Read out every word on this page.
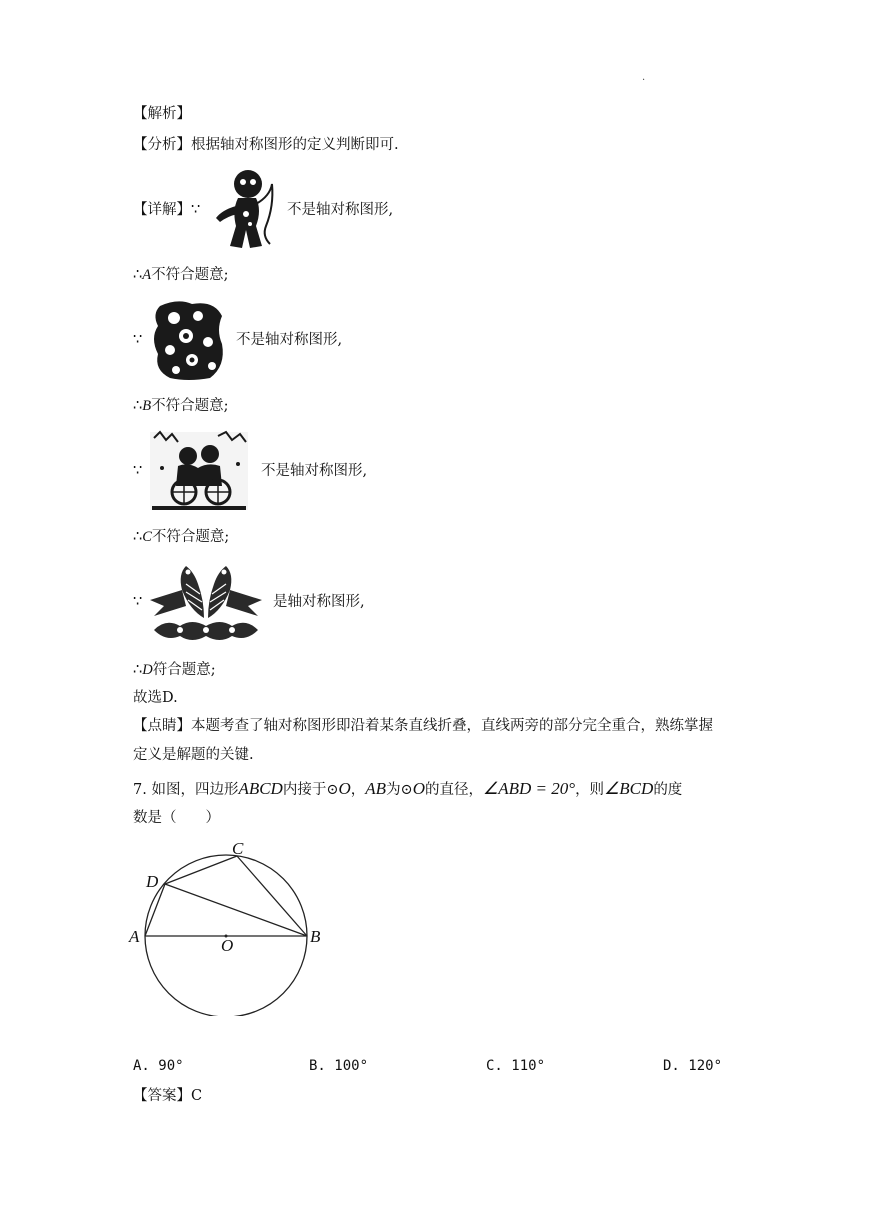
.
【解析】
【分析】根据轴对称图形的定义判断即可.
【详解】∵	不是轴对称图形,
∴A不符合题意;
∵	不是轴对称图形,
∴B不符合题意;
∵	不是轴对称图形,
∴C不符合题意;
∵	是轴对称图形,
∴D符合题意;
故选D.
【点睛】本题考查了轴对称图形即沿着某条直线折叠，直线两旁的部分完全重合，熟练掌握
定义是解题的关键.
7. 如图，四边形ABCD内接于⊙O，AB为⊙O的直径，∠ABD = 20°，则∠BCD的度
数是（　　）
A	B
C
D
O
A. 90°	B. 100°	C. 110°	D. 120°
【答案】C
